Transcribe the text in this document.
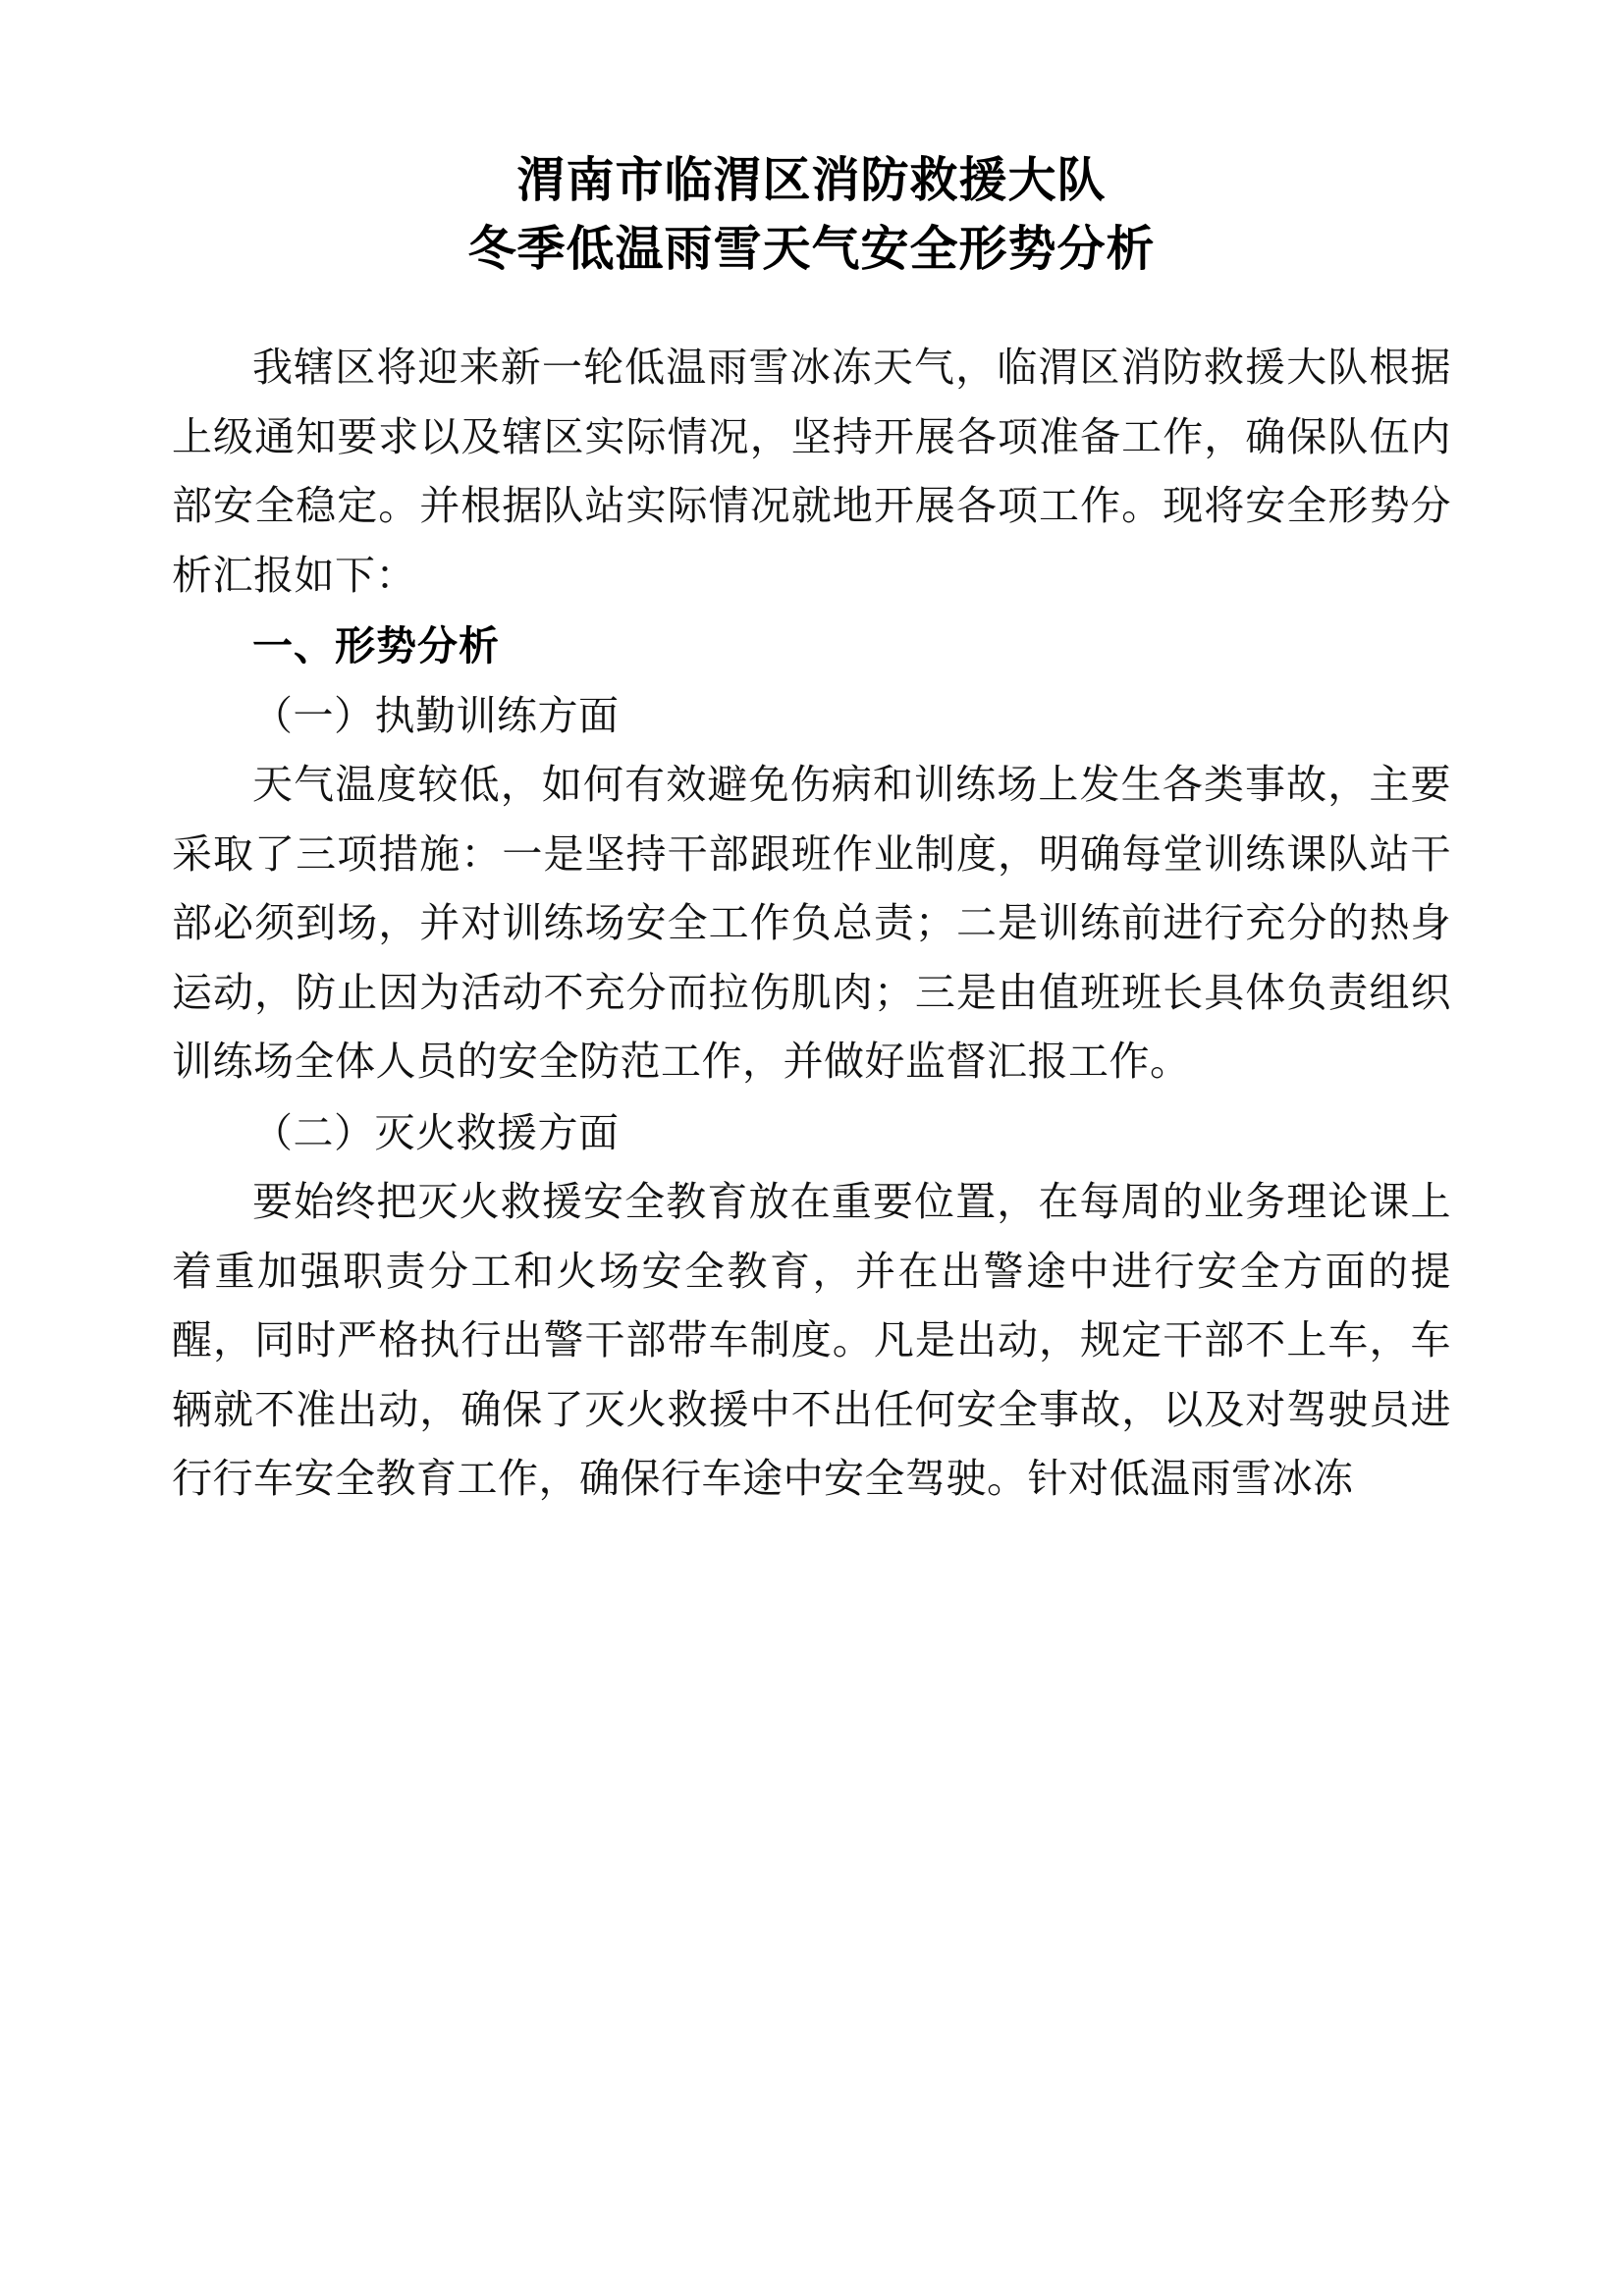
渭南市临渭区消防救援大队
冬季低温雨雪天气安全形势分析

我辖区将迎来新一轮低温雨雪冰冻天气，临渭区消防救援大队根据上级通知要求以及辖区实际情况，坚持开展各项准备工作，确保队伍内部安全稳定。并根据队站实际情况就地开展各项工作。现将安全形势分析汇报如下：

一、形势分析

（一）执勤训练方面

天气温度较低，如何有效避免伤病和训练场上发生各类事故，主要采取了三项措施：一是坚持干部跟班作业制度，明确每堂训练课队站干部必须到场，并对训练场安全工作负总责；二是训练前进行充分的热身运动，防止因为活动不充分而拉伤肌肉；三是由值班班长具体负责组织训练场全体人员的安全防范工作，并做好监督汇报工作。

（二）灭火救援方面

要始终把灭火救援安全教育放在重要位置，在每周的业务理论课上着重加强职责分工和火场安全教育，并在出警途中进行安全方面的提醒，同时严格执行出警干部带车制度。凡是出动，规定干部不上车，车辆就不准出动，确保了灭火救援中不出任何安全事故，以及对驾驶员进行行车安全教育工作，确保行车途中安全驾驶。针对低温雨雪冰冻
